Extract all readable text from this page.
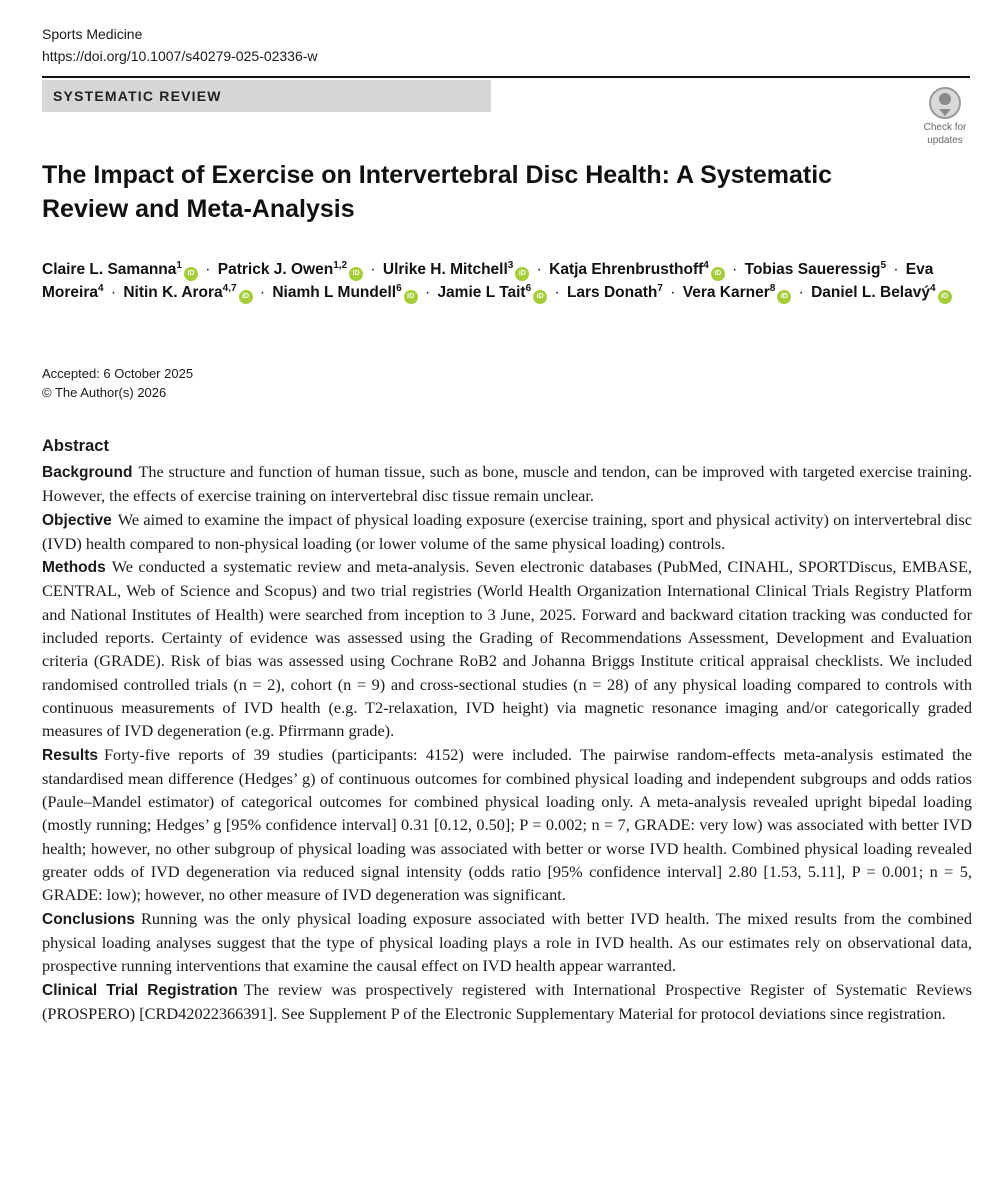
Sports Medicine
https://doi.org/10.1007/s40279-025-02336-w
SYSTEMATIC REVIEW
Check for
updates
The Impact of Exercise on Intervertebral Disc Health: A Systematic Review and Meta-Analysis
Claire L. Samanna$^1$iD · Patrick J. Owen$^{1,2}$iD · Ulrike H. Mitchell$^3$iD · Katja Ehrenbrusthoff$^4$iD · Tobias Saueressig$^5$ · Eva Moreira$^4$ · Nitin K. Arora$^{4,7}$iD · Niamh L Mundell$^6$iD · Jamie L Tait$^6$iD · Lars Donath$^7$ · Vera Karner$^8$iD · Daniel L. Belavý$^4$iD
Accepted: 6 October 2025
© The Author(s) 2026
Abstract

Background The structure and function of human tissue, such as bone, muscle and tendon, can be improved with targeted exercise training. However, the effects of exercise training on intervertebral disc tissue remain unclear.

Objective We aimed to examine the impact of physical loading exposure (exercise training, sport and physical activity) on intervertebral disc (IVD) health compared to non-physical loading (or lower volume of the same physical loading) controls.

Methods We conducted a systematic review and meta-analysis. Seven electronic databases (PubMed, CINAHL, SPORTDiscus, EMBASE, CENTRAL, Web of Science and Scopus) and two trial registries (World Health Organization International Clinical Trials Registry Platform and National Institutes of Health) were searched from inception to 3 June, 2025. Forward and backward citation tracking was conducted for included reports. Certainty of evidence was assessed using the Grading of Recommendations Assessment, Development and Evaluation criteria (GRADE). Risk of bias was assessed using Cochrane RoB2 and Johanna Briggs Institute critical appraisal checklists. We included randomised controlled trials (n = 2), cohort (n = 9) and cross-sectional studies (n = 28) of any physical loading compared to controls with continuous measurements of IVD health (e.g. T2-relaxation, IVD height) via magnetic resonance imaging and/or categorically graded measures of IVD degeneration (e.g. Pfirrmann grade).

Results Forty-five reports of 39 studies (participants: 4152) were included. The pairwise random-effects meta-analysis estimated the standardised mean difference (Hedges’ g) of continuous outcomes for combined physical loading and independent subgroups and odds ratios (Paule–Mandel estimator) of categorical outcomes for combined physical loading only. A meta-analysis revealed upright bipedal loading (mostly running; Hedges’ g [95% confidence interval] 0.31 [0.12, 0.50]; P = 0.002; n = 7, GRADE: very low) was associated with better IVD health; however, no other subgroup of physical loading was associated with better or worse IVD health. Combined physical loading revealed greater odds of IVD degeneration via reduced signal intensity (odds ratio [95% confidence interval] 2.80 [1.53, 5.11], P = 0.001; n = 5, GRADE: low); however, no other measure of IVD degeneration was significant.

Conclusions Running was the only physical loading exposure associated with better IVD health. The mixed results from the combined physical loading analyses suggest that the type of physical loading plays a role in IVD health. As our estimates rely on observational data, prospective running interventions that examine the causal effect on IVD health appear warranted.

Clinical Trial Registration The review was prospectively registered with International Prospective Register of Systematic Reviews (PROSPERO) [CRD42022366391]. See Supplement P of the Electronic Supplementary Material for protocol deviations since registration.
